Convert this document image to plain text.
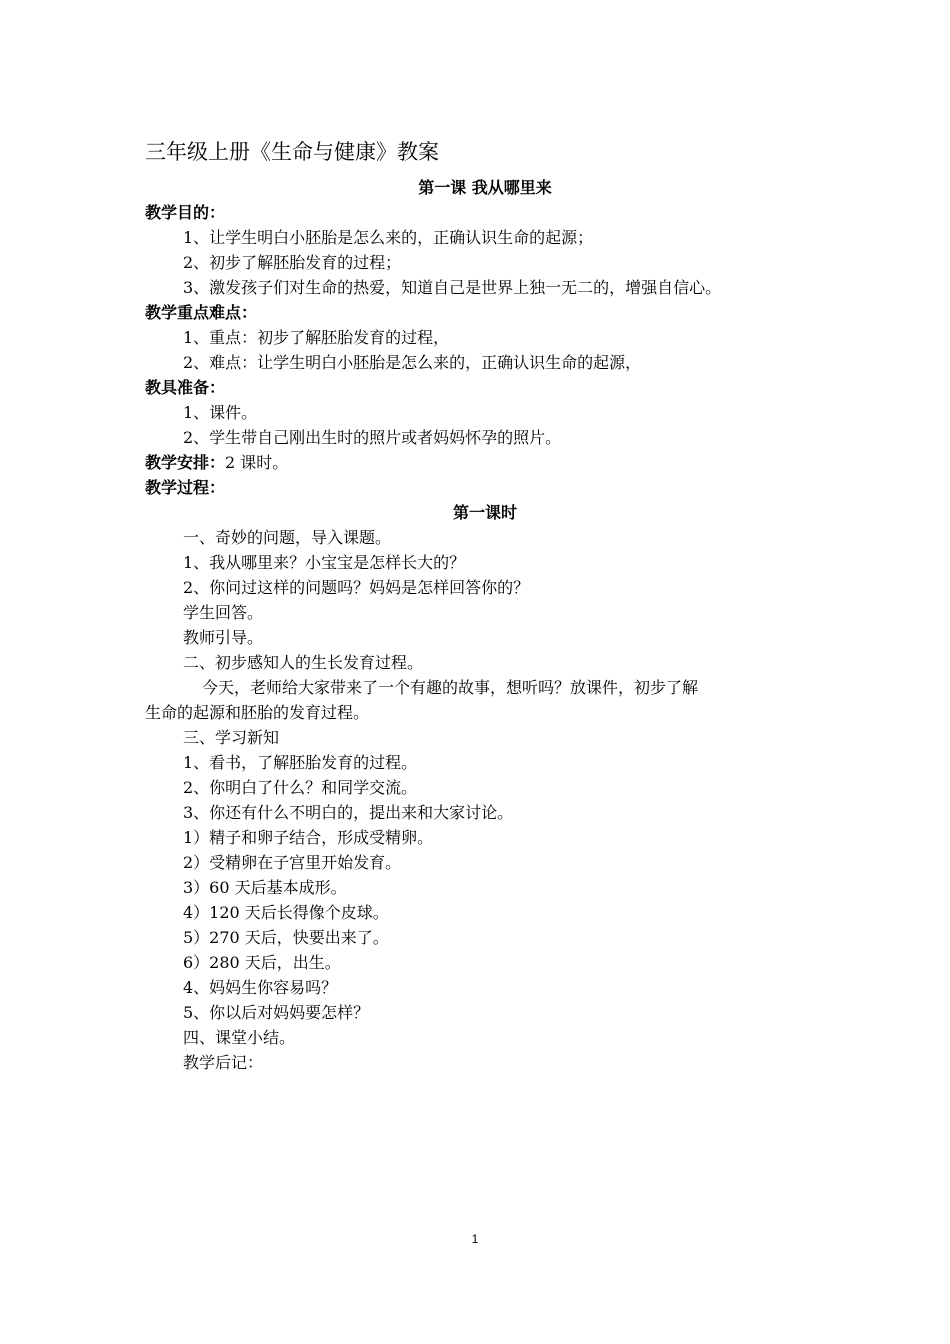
三年级上册《生命与健康》教案
第一课 我从哪里来
教学目的：
1、让学生明白小胚胎是怎么来的，正确认识生命的起源；
2、初步了解胚胎发育的过程；
3、激发孩子们对生命的热爱，知道自己是世界上独一无二的，增强自信心。
教学重点难点：
1、重点：初步了解胚胎发育的过程，
2、难点：让学生明白小胚胎是怎么来的，正确认识生命的起源，
教具准备：
1、课件。
2、学生带自己刚出生时的照片或者妈妈怀孕的照片。
教学安排：2 课时。
教学过程：
第一课时
一、奇妙的问题，导入课题。
1、我从哪里来？小宝宝是怎样长大的？
2、你问过这样的问题吗？妈妈是怎样回答你的？
学生回答。
教师引导。
二、初步感知人的生长发育过程。
今天，老师给大家带来了一个有趣的故事，想听吗？放课件，初步了解
生命的起源和胚胎的发育过程。
三、学习新知
1、看书，了解胚胎发育的过程。
2、你明白了什么？和同学交流。
3、你还有什么不明白的，提出来和大家讨论。
1）精子和卵子结合，形成受精卵。
2）受精卵在子宫里开始发育。
3）60 天后基本成形。
4）120 天后长得像个皮球。
5）270 天后，快要出来了。
6）280 天后，出生。
4、妈妈生你容易吗？
5、你以后对妈妈要怎样？
四、课堂小结。
教学后记：
1
